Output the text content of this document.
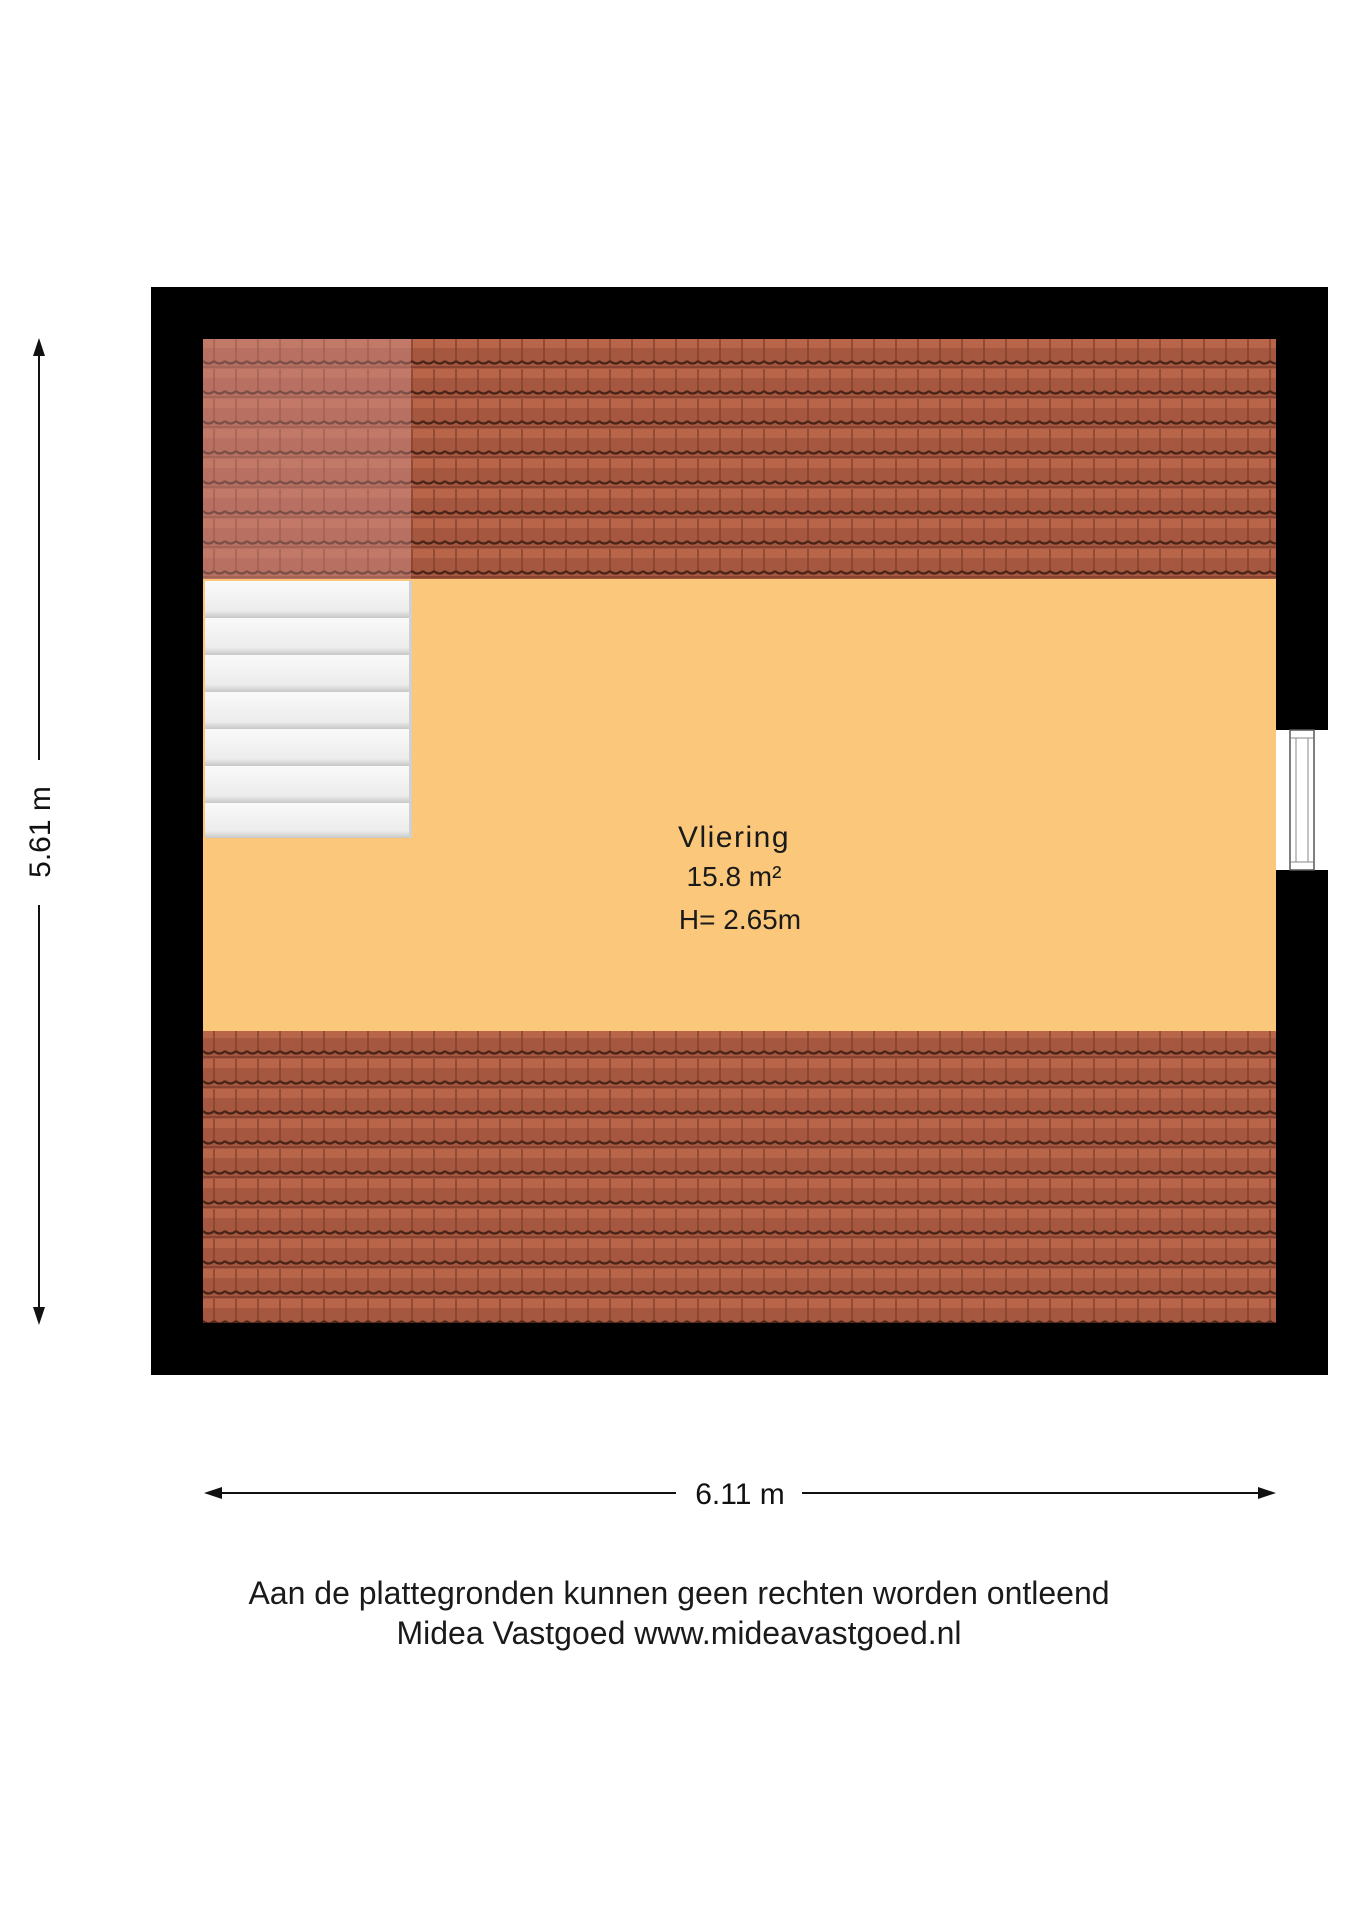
Vliering
15.8 m²
H= 2.65m
5.61 m
6.11 m
Aan de plattegronden kunnen geen rechten worden ontleend
Midea Vastgoed www.mideavastgoed.nl
